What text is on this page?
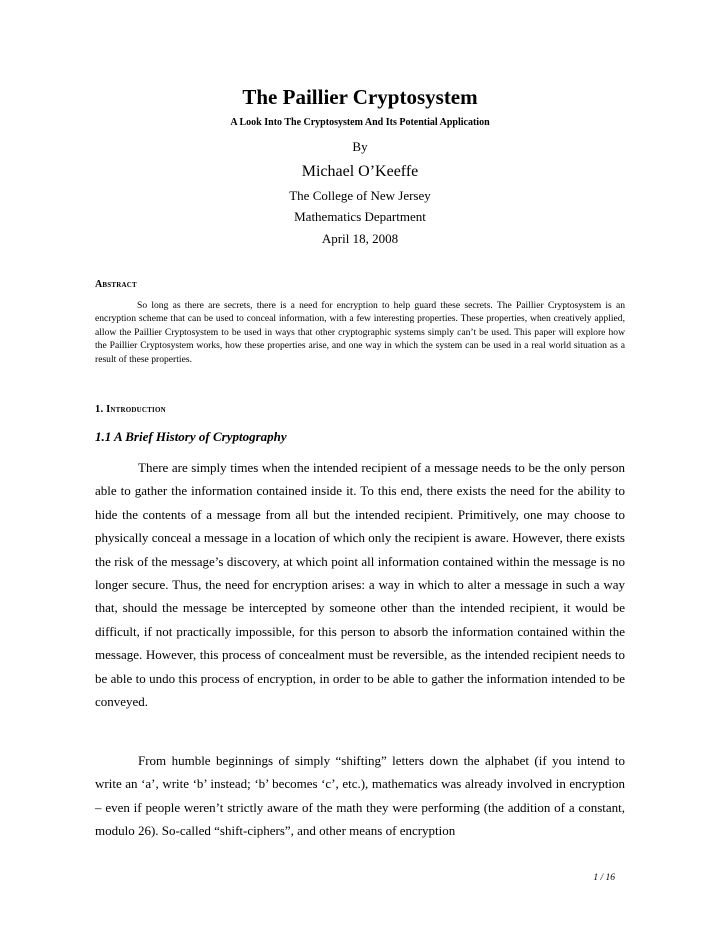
The Paillier Cryptosystem
A Look Into The Cryptosystem And Its Potential Application
By
Michael O’Keeffe
The College of New Jersey
Mathematics Department
April 18, 2008
Abstract
So long as there are secrets, there is a need for encryption to help guard these secrets. The Paillier Cryptosystem is an encryption scheme that can be used to conceal information, with a few interesting properties. These properties, when creatively applied, allow the Paillier Cryptosystem to be used in ways that other cryptographic systems simply can’t be used. This paper will explore how the Paillier Cryptosystem works, how these properties arise, and one way in which the system can be used in a real world situation as a result of these properties.
1. Introduction
1.1 A Brief History of Cryptography
There are simply times when the intended recipient of a message needs to be the only person able to gather the information contained inside it. To this end, there exists the need for the ability to hide the contents of a message from all but the intended recipient. Primitively, one may choose to physically conceal a message in a location of which only the recipient is aware. However, there exists the risk of the message’s discovery, at which point all information contained within the message is no longer secure. Thus, the need for encryption arises: a way in which to alter a message in such a way that, should the message be intercepted by someone other than the intended recipient, it would be difficult, if not practically impossible, for this person to absorb the information contained within the message. However, this process of concealment must be reversible, as the intended recipient needs to be able to undo this process of encryption, in order to be able to gather the information intended to be conveyed.
From humble beginnings of simply “shifting” letters down the alphabet (if you intend to write an ‘a’, write ‘b’ instead; ‘b’ becomes ‘c’, etc.), mathematics was already involved in encryption – even if people weren’t strictly aware of the math they were performing (the addition of a constant, modulo 26). So-called “shift-ciphers”, and other means of encryption
1 / 16
